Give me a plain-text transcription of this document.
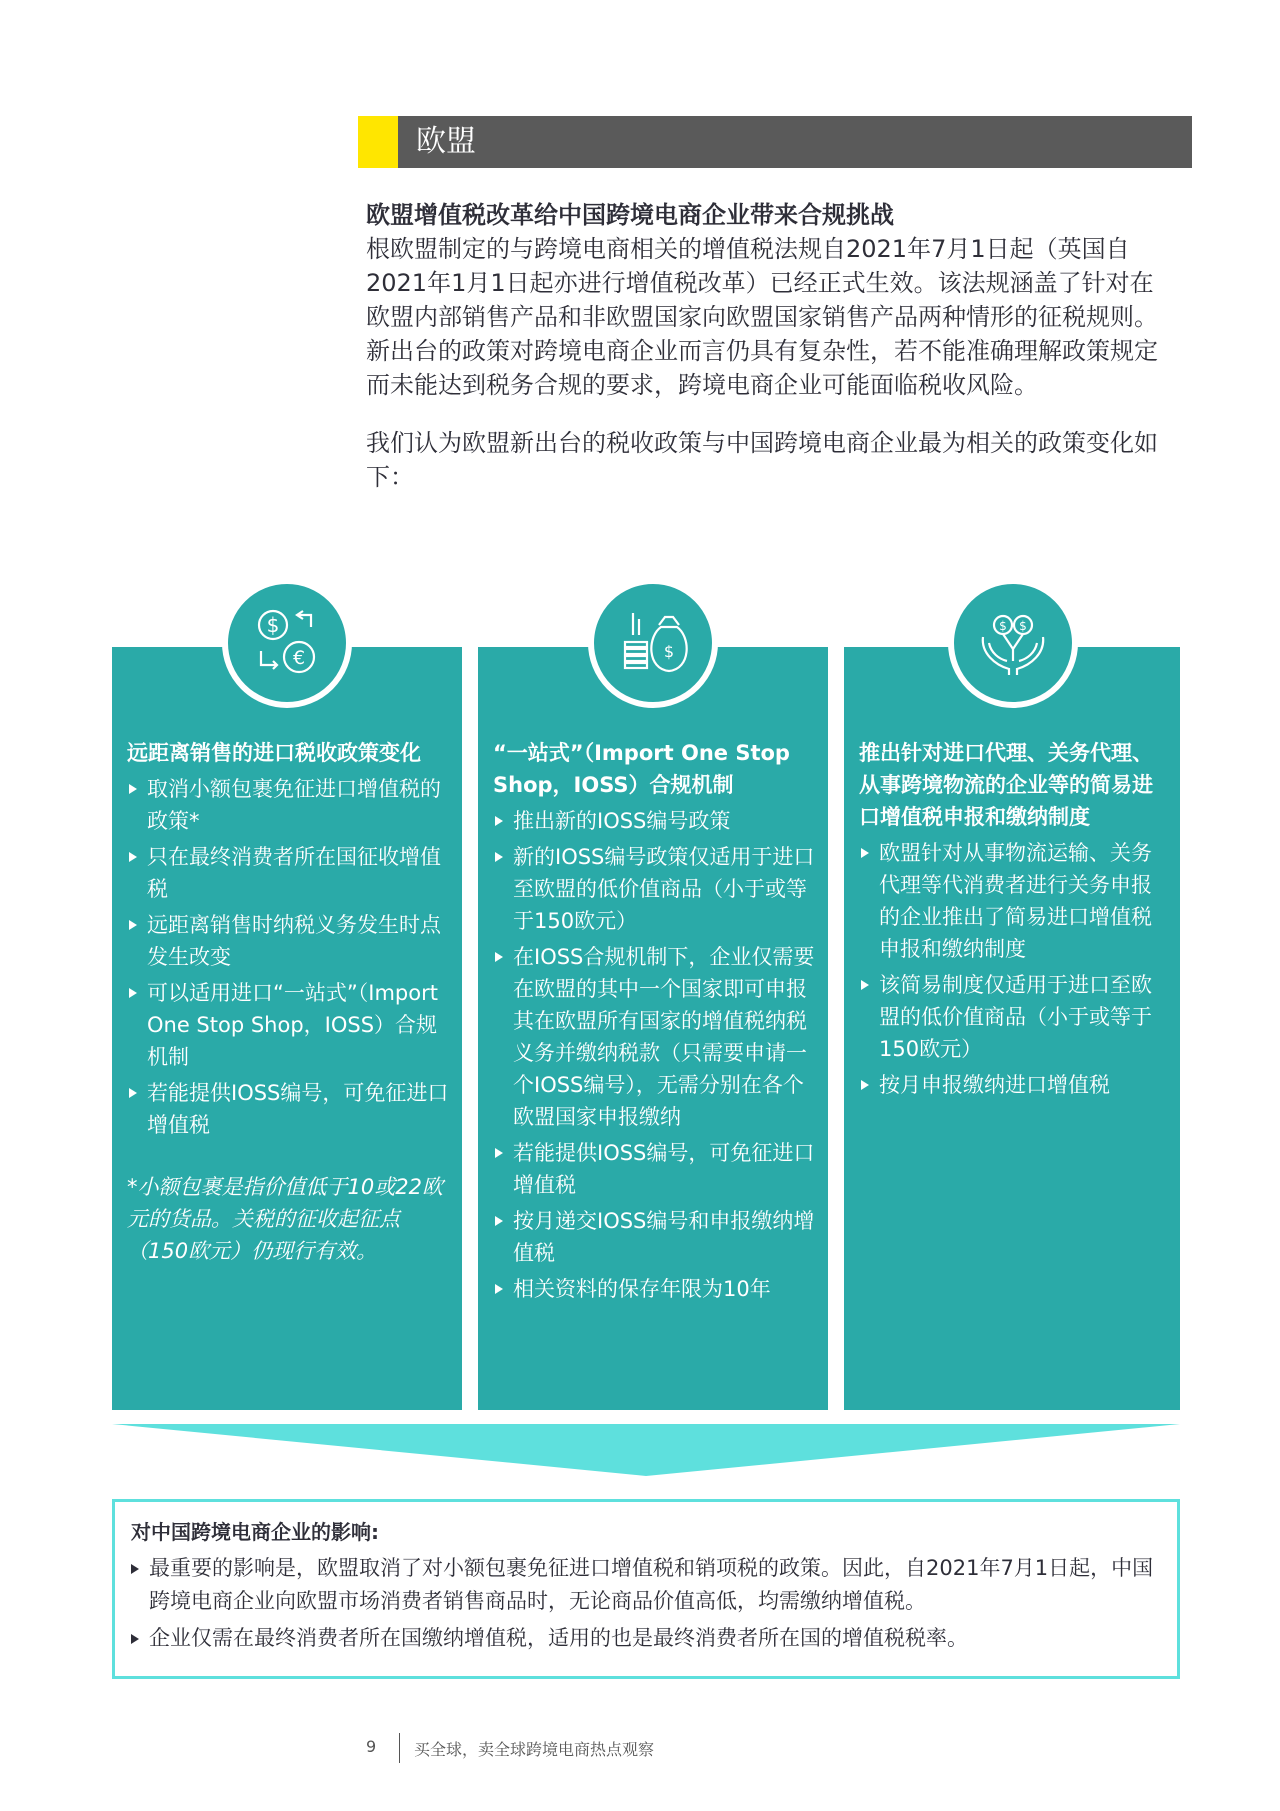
欧盟

欧盟增值税改革给中国跨境电商企业带来合规挑战

根欧盟制定的与跨境电商相关的增值税法规自2021年7月1日起（英国自2021年1月1日起亦进行增值税改革）已经正式生效。该法规涵盖了针对在欧盟内部销售产品和非欧盟国家向欧盟国家销售产品两种情形的征税规则。新出台的政策对跨境电商企业而言仍具有复杂性，若不能准确理解政策规定而未能达到税务合规的要求，跨境电商企业可能面临税收风险。

我们认为欧盟新出台的税收政策与中国跨境电商企业最为相关的政策变化如下：

远距离销售的进口税收政策变化
取消小额包裹免征进口增值税的政策*
只在最终消费者所在国征收增值税
远距离销售时纳税义务发生时点发生改变
可以适用进口“一站式”（Import One Stop Shop，IOSS）合规机制
若能提供IOSS编号，可免征进口增值税
*小额包裹是指价值低于10或22欧元的货品。关税的征收起征点（150欧元）仍现行有效。
“一站式”（Import One Stop Shop，IOSS）合规机制
推出新的IOSS编号政策
新的IOSS编号政策仅适用于进口至欧盟的低价值商品（小于或等于150欧元）
在IOSS合规机制下，企业仅需要在欧盟的其中一个国家即可申报其在欧盟所有国家的增值税纳税义务并缴纳税款（只需要申请一个IOSS编号），无需分别在各个欧盟国家申报缴纳
若能提供IOSS编号，可免征进口增值税
按月递交IOSS编号和申报缴纳增值税
相关资料的保存年限为10年
推出针对进口代理、关务代理、从事跨境物流的企业等的简易进口增值税申报和缴纳制度
欧盟针对从事物流运输、关务代理等代消费者进行关务申报的企业推出了简易进口增值税申报和缴纳制度
该简易制度仅适用于进口至欧盟的低价值商品（小于或等于150欧元）
按月申报缴纳进口增值税
$
€	$
$ $
对中国跨境电商企业的影响:
最重要的影响是，欧盟取消了对小额包裹免征进口增值税和销项税的政策。因此，自2021年7月1日起，中国跨境电商企业向欧盟市场消费者销售商品时，无论商品价值高低，均需缴纳增值税。
企业仅需在最终消费者所在国缴纳增值税，适用的也是最终消费者所在国的增值税税率。
9 买全球，卖全球跨境电商热点观察
